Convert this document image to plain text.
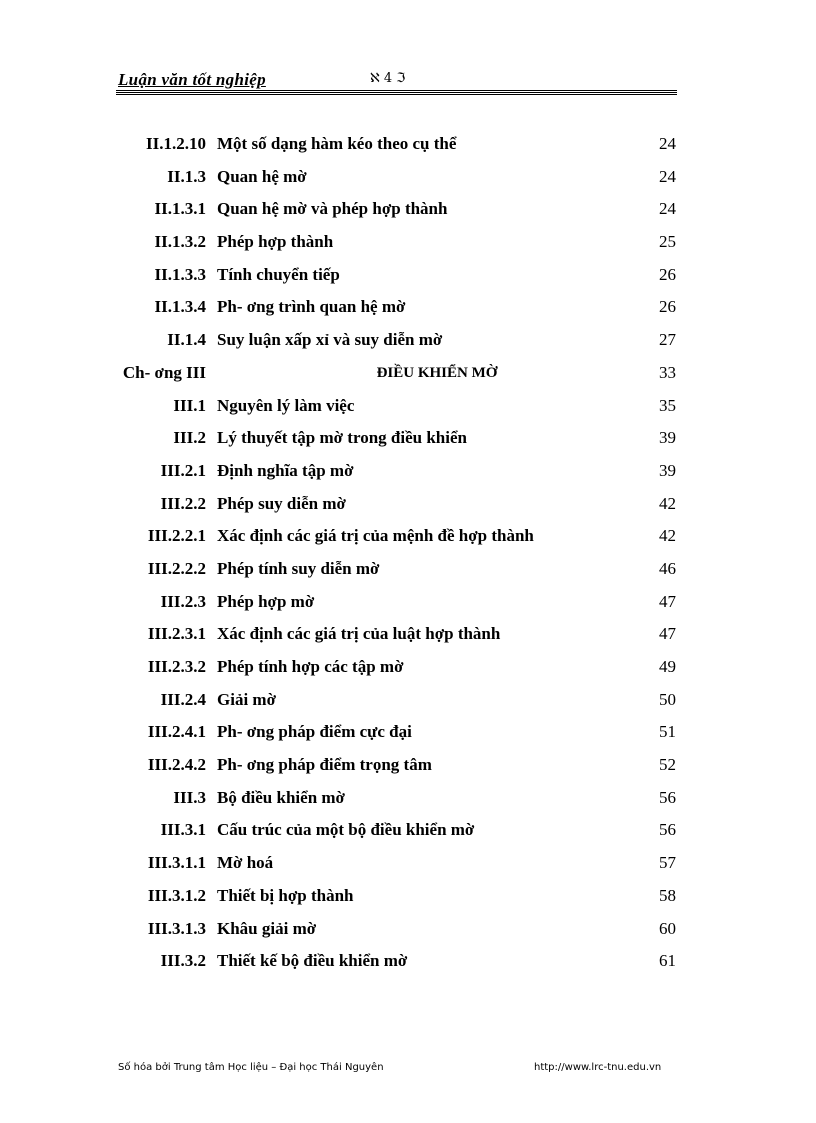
Luận văn tốt nghiệp	ℵ 4 ℑ
II.1.2.10 Một số dạng hàm kéo theo cụ thể	24
II.1.3 Quan hệ mờ	24
II.1.3.1 Quan hệ mờ và phép hợp thành	24
II.1.3.2 Phép hợp thành	25
II.1.3.3 Tính chuyển tiếp	26
II.1.3.4 Ph- ơng trình quan hệ mờ	26
II.1.4 Suy luận xấp xỉ và suy diễn mờ	27
Ch- ơng III	ĐIỀU KHIỂN MỜ	33
III.1 Nguyên lý làm việc	35
III.2 Lý thuyết tập mờ trong điều khiển	39
III.2.1 Định nghĩa tập mờ	39
III.2.2 Phép suy diễn mờ	42
III.2.2.1 Xác định các giá trị của mệnh đề hợp thành	42
III.2.2.2 Phép tính suy diễn mờ	46
III.2.3 Phép hợp mờ	47
III.2.3.1 Xác định các giá trị của luật hợp thành	47
III.2.3.2 Phép tính hợp các tập mờ	49
III.2.4 Giải mờ	50
III.2.4.1 Ph- ơng pháp điểm cực đại	51
III.2.4.2 Ph- ơng pháp điểm trọng tâm	52
III.3 Bộ điều khiển mờ	56
III.3.1 Cấu trúc của một bộ điều khiển mờ	56
III.3.1.1 Mờ hoá	57
III.3.1.2 Thiết bị hợp thành	58
III.3.1.3 Khâu giải mờ	60
III.3.2 Thiết kế bộ điều khiển mờ	61
Số hóa bởi Trung tâm Học liệu – Đại học Thái Nguyên	http://www.lrc-tnu.edu.vn
